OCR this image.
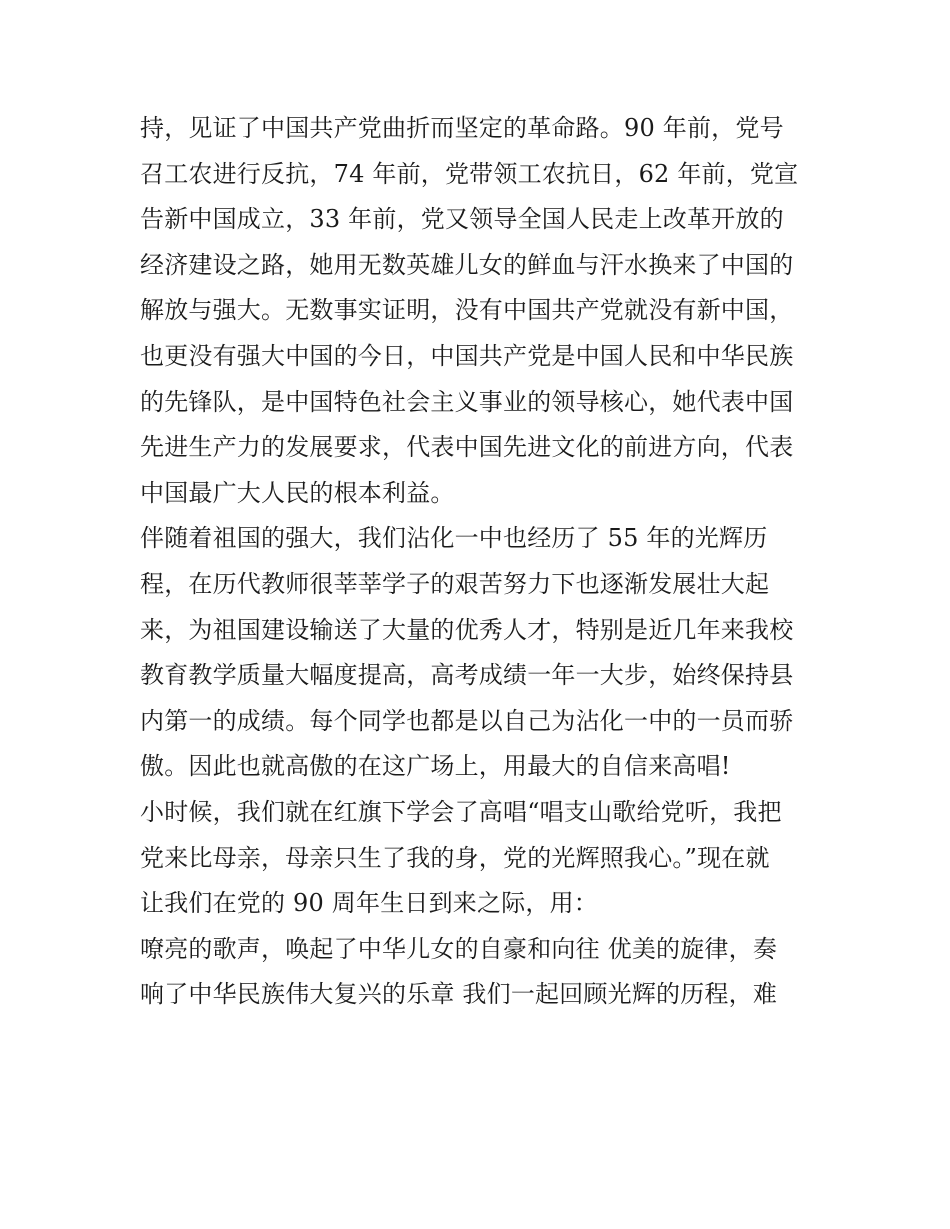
持，见证了中国共产党曲折而坚定的革命路。90 年前，党号
召工农进行反抗，74 年前，党带领工农抗日，62 年前，党宣
告新中国成立，33 年前，党又领导全国人民走上改革开放的
经济建设之路，她用无数英雄儿女的鲜血与汗水换来了中国的
解放与强大。无数事实证明，没有中国共产党就没有新中国，
也更没有强大中国的今日，中国共产党是中国人民和中华民族
的先锋队，是中国特色社会主义事业的领导核心，她代表中国
先进生产力的发展要求，代表中国先进文化的前进方向，代表
中国最广大人民的根本利益。
伴随着祖国的强大，我们沾化一中也经历了 55 年的光辉历
程，在历代教师很莘莘学子的艰苦努力下也逐渐发展壮大起
来，为祖国建设输送了大量的优秀人才，特别是近几年来我校
教育教学质量大幅度提高，高考成绩一年一大步，始终保持县
内第一的成绩。每个同学也都是以自己为沾化一中的一员而骄
傲。因此也就高傲的在这广场上，用最大的自信来高唱!
小时候，我们就在红旗下学会了高唱“唱支山歌给党听，我把
党来比母亲，母亲只生了我的身，党的光辉照我心。”现在就
让我们在党的 90 周年生日到来之际，用：
嘹亮的歌声，唤起了中华儿女的自豪和向往 优美的旋律，奏
响了中华民族伟大复兴的乐章 我们一起回顾光辉的历程，难
